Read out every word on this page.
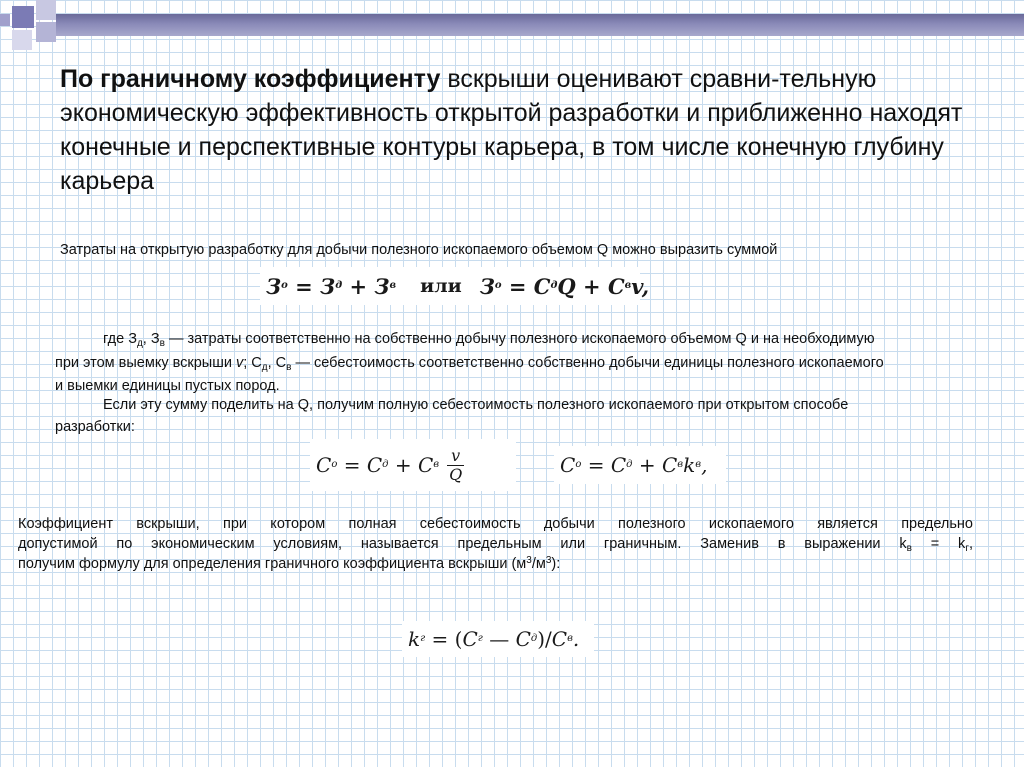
По граничному коэффициенту вскрыши оценивают сравни-тельную экономическую эффективность открытой разработки и приближенно находят конечные и перспективные контуры карьера, в том числе конечную глубину карьера

Затраты на открытую разработку для добычи полезного ископаемого объемом Q можно выразить суммой

З о = З д + З в или З о = C д Q + C в v,

где $З_д$, $З_в$ — затраты соответственно на собственно добычу полезного ископаемого объемом Q и на необходимую

при этом выемку вскрыши v; $С_д$, $С_в$ — себестоимость соответственно собственно добычи единицы полезного ископаемого

и выемки единицы пустых пород.

Если эту сумму поделить на Q, получим полную себестоимость полезного ископаемого при открытом способе

разработки:

C о = C д + C в $\frac{v}{Q}$	C о = C д + C в k в ,

Коэффициент вскрыши, при котором полная себестоимость добычи полезного ископаемого является предельно

допустимой по экономическим условиям, называется предельным или граничным. Заменив в выражении $k_в = k_г$,

получим формулу для определения граничного коэффициента вскрыши $(м^3/м^3)$:

k г = ( C г — C д )/ C в .
